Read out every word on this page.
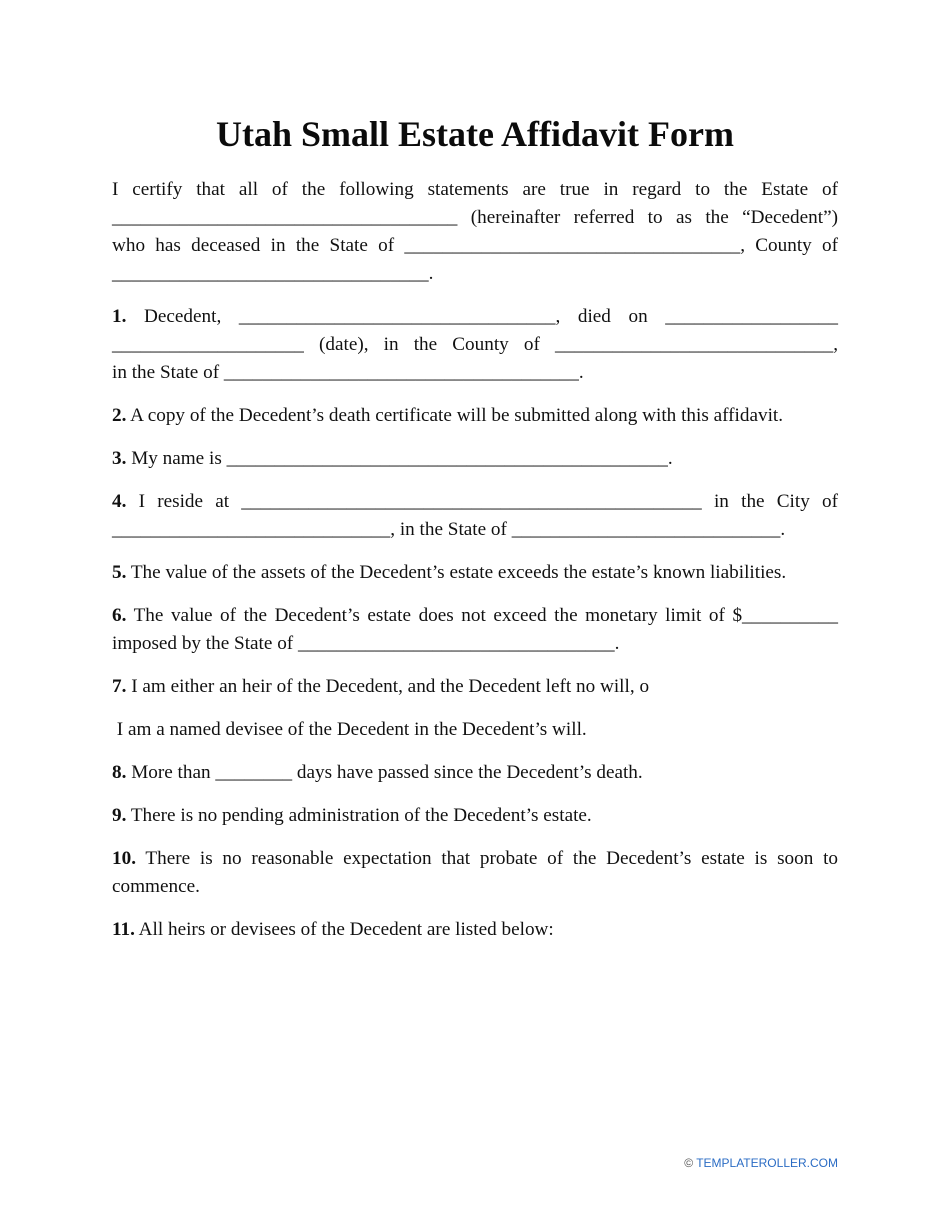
Utah Small Estate Affidavit Form

I certify that all of the following statements are true in regard to the Estate of
____________________________________ (hereinafter referred to as the “Decedent”)
who has deceased in the State of ___________________________________, County of
_________________________________.

1. Decedent, _________________________________, died on __________________
____________________ (date), in the County of _____________________________,
in the State of _____________________________________.

2. A copy of the Decedent’s death certificate will be submitted along with this affidavit.

3. My name is ______________________________________________.

4. I reside at ________________________________________________ in the City of
_____________________________, in the State of ____________________________.

5. The value of the assets of the Decedent’s estate exceeds the estate’s known liabilities.

6. The value of the Decedent’s estate does not exceed the monetary limit of $__________
imposed by the State of _________________________________.

7. I am either an heir of the Decedent, and the Decedent left no will, o

I am a named devisee of the Decedent in the Decedent’s will.

8. More than ________ days have passed since the Decedent’s death.

9. There is no pending administration of the Decedent’s estate.

10. There is no reasonable expectation that probate of the Decedent’s estate is soon to
commence.

11. All heirs or devisees of the Decedent are listed below:

© TEMPLATEROLLER.COM
